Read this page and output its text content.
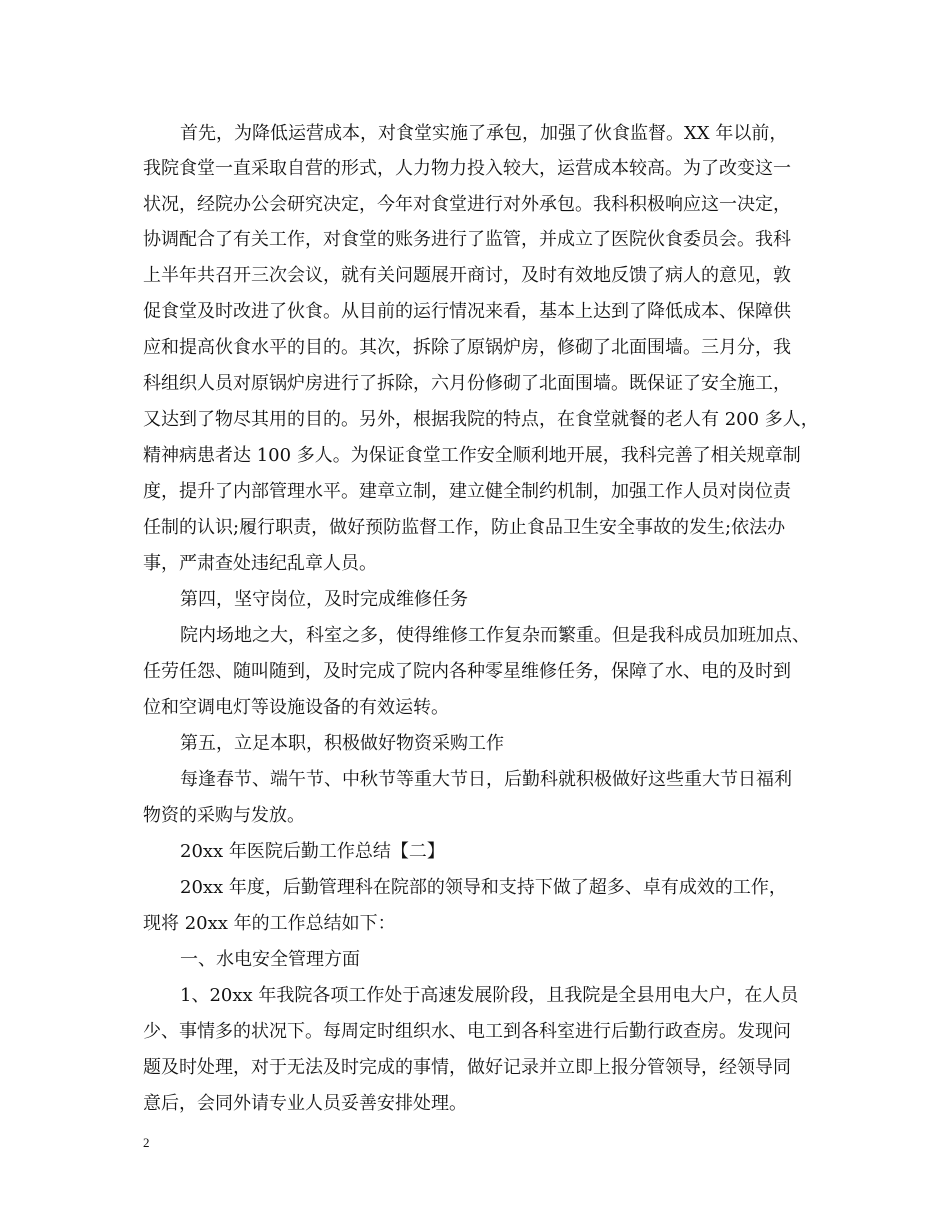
首先，为降低运营成本，对食堂实施了承包，加强了伙食监督。XX 年以前，
我院食堂一直采取自营的形式，人力物力投入较大，运营成本较高。为了改变这一
状况，经院办公会研究决定，今年对食堂进行对外承包。我科积极响应这一决定，
协调配合了有关工作，对食堂的账务进行了监管，并成立了医院伙食委员会。我科
上半年共召开三次会议，就有关问题展开商讨，及时有效地反馈了病人的意见，敦
促食堂及时改进了伙食。从目前的运行情况来看，基本上达到了降低成本、保障供
应和提高伙食水平的目的。其次，拆除了原锅炉房，修砌了北面围墙。三月分，我
科组织人员对原锅炉房进行了拆除，六月份修砌了北面围墙。既保证了安全施工，
又达到了物尽其用的目的。另外，根据我院的特点，在食堂就餐的老人有 200 多人，
精神病患者达 100 多人。为保证食堂工作安全顺利地开展，我科完善了相关规章制
度，提升了内部管理水平。建章立制，建立健全制约机制，加强工作人员对岗位责
任制的认识;履行职责，做好预防监督工作，防止食品卫生安全事故的发生;依法办
事，严肃查处违纪乱章人员。
第四，坚守岗位，及时完成维修任务
院内场地之大，科室之多，使得维修工作复杂而繁重。但是我科成员加班加点、
任劳任怨、随叫随到，及时完成了院内各种零星维修任务，保障了水、电的及时到
位和空调电灯等设施设备的有效运转。
第五，立足本职，积极做好物资采购工作
每逢春节、端午节、中秋节等重大节日，后勤科就积极做好这些重大节日福利
物资的采购与发放。
20xx 年医院后勤工作总结【二】
20xx 年度，后勤管理科在院部的领导和支持下做了超多、卓有成效的工作，
现将 20xx 年的工作总结如下：
一、水电安全管理方面
1、20xx 年我院各项工作处于高速发展阶段，且我院是全县用电大户，在人员
少、事情多的状况下。每周定时组织水、电工到各科室进行后勤行政查房。发现问
题及时处理，对于无法及时完成的事情，做好记录并立即上报分管领导，经领导同
意后，会同外请专业人员妥善安排处理。
2
